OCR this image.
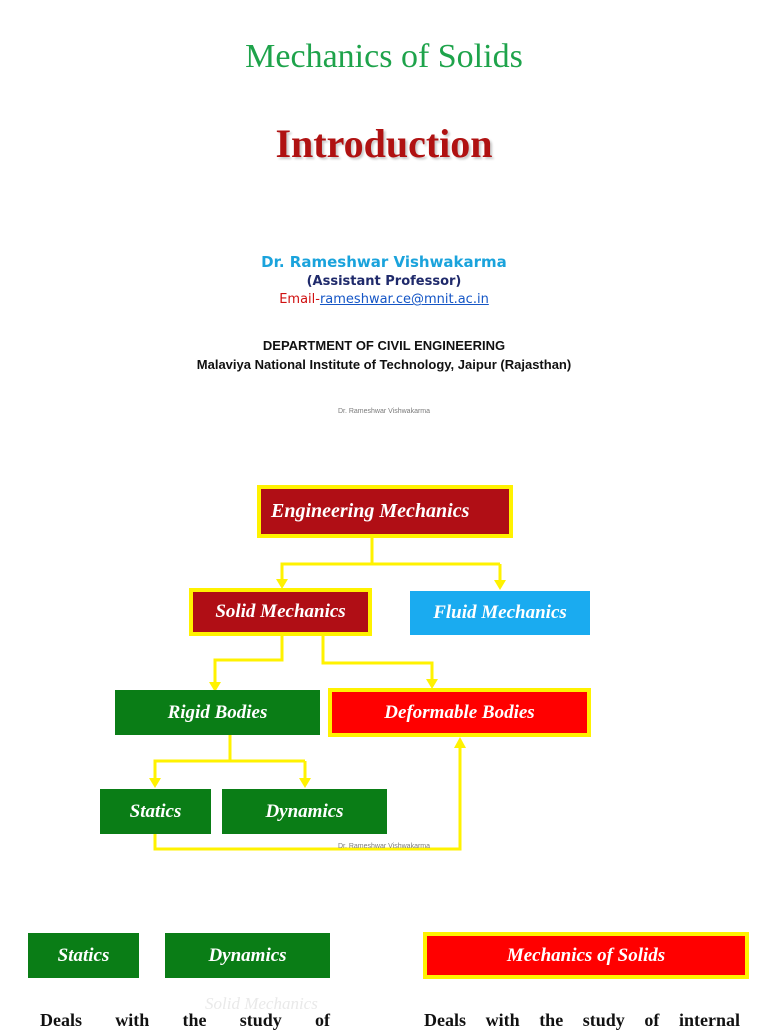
Mechanics of Solids
Introduction
Dr. Rameshwar Vishwakarma
(Assistant Professor)
Email-rameshwar.ce@mnit.ac.in
DEPARTMENT OF CIVIL ENGINEERING
Malaviya National Institute of Technology, Jaipur (Rajasthan)
Dr. Rameshwar Vishwakarma
Engineering Mechanics
Solid Mechanics	Fluid Mechanics
Rigid Bodies	Deformable Bodies
Statics	Dynamics
Dr. Rameshwar Vishwakarma
Statics	Dynamics	Mechanics of Solids
Solid Mechanics
Deals with the study of	Deals with the study of internal
